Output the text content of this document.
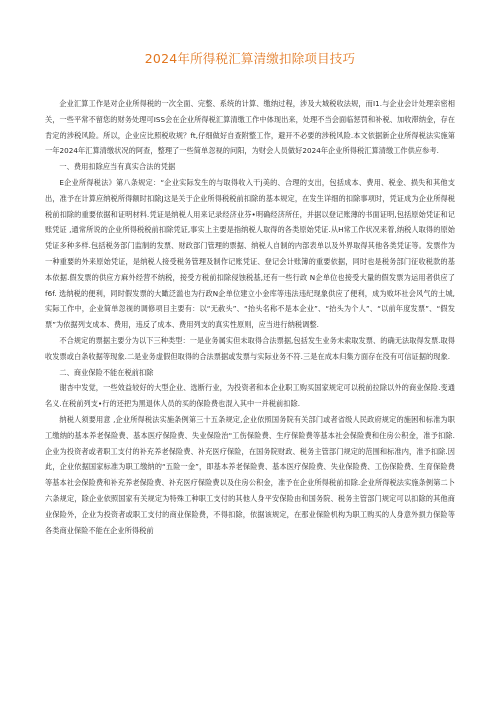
2024年所得税汇算清缴扣除项目技巧

企业汇算工作是对企业所得税的一次全面、完整、系统的计算、缴纳过程，涉及大城税收法规，而I1.与企业会计处理亲密相关，一些平常不留您的财务处理可ISS会在企业所得税汇算清缴工作中体现出来，处理不当会面临惩罚和补税、加收滞纳金，存在肯定的涉税风险。所以，企业应比照税收规？ft,仔细做好自查附整工作，避开不必要的涉税风险.本文依据新企业所得税法实施第一年2024年汇算清缴状况的阿查，整理了一些简单忽视的问阳，为财会人员做好2024年企业所得税汇算清缴工作供应参考.

一、费用扣除应当有真实合法的凭据

E企业所得税法》第八条规定：“企业实际发生的与取得收入干j美的、合理的支出，包括成本、费用、税金、损失和其他支出，准予在计算应纳税所得额时扣除J这是关于企业所得税税前扣除的基本规定，在发生详细的扣除事项时，凭证成为企业所得税税前扣除的重要依据和证明材料.凭证是纳税人用来记录经济业芬•明确经济所任，并据以登记账薄的书面证明,包括原始凭证和记账凭证 ,通常所说的企业所得税税前扣除凭证,事实上主要是指纳税人取得的各类原始凭证.从H常工作状况来着,纳税人取得的原始凭证多种多样.包括税务部门监制的发票、财政部门管理的票据、纳税人自制的内部表单以及外界取得其他各类凭证等。发票作为一种重要的外来原始凭证，是纳税人接受税务管理及制作记账凭证、登记会计账簿的重要依据，同时也是税务部门征收税款的基本依据.假发票的供应方麻外经营不纳税，接受方税前扣除侵蚀税基,还有一些行政 N企单位也接受大量的假发票为运用者供应了f6f. 选纳税的便利，同时假发票的大瞰泛滥也为行政N企单位建立小金库等违法违纪现象供应了便利，成为败坏社会风气的土城,实际工作中，企业简单忽视的调修项目主要有：以“无赦头”、“抬头名称不是本企业”、“抬头为个人”、“以前年度发票”、“假发票”为依据列支成本、费用，违反了成本、费用列支的真实性原则，应当进行纳税调整.

不合规定的票据主要分为以下三种类型：一是业务属实但未取得合法票据,包括发生业务未索取发票、的确无法取得发票.取得收发票或白条收据等现象.二是业务虚假但取得的合法票据或发票与实际业务不符.三是在成本归集方面存在没有可信证据的现象.

二、商业保险不能在税前扣除

谢杏中发觉，一些效益较好的大型企业、选断行业，为投资者和本企业职工购买国家规定可以税前拉除以外的商业保险.变通名义.在税前列支•行的还把为黑退休人员的买的保险费也混入其中一并税前扣除.

纳税人须要用意 ,企业所得税法实施条例第三十五条规定,企业依照国务院有关部门或者省级人民政府规定的施困和标准为职工缴纳的基本养老保险费、基本医疗保险费、失业保险治"工伤保险费、生疗保险费等基本社会保险费和住房公积金，准予扣除.企业为投资者或者职工支付的补充养老保险费、补充医疗保险，在国务院财政、税务主管部门规定的范围和标准内，准予扣除.因此，企业依据国家标准为职工缴纳的“五险一金”，即基本养老保险费、基本医疗保险费、失业保险费、工伤保险费、生育保险费等基本社会保险费和补充养老保险费、补充医疗保险费以及住房公积金，准予在企业所得税前扣除.企业所得税法实施条例第二卜六条规定，除企业依照国家有关规定为特殊工种职工支付的其他人身平安保险由和国务院、税务主管部门规定可以扣除的其他商业保险外，企业为投资者或职工支付的商业保险费，不得扣除，依据该规定，在那业保险机构为职工购买的人身意外损力保险等各类商业保险不能在企业所得税前
